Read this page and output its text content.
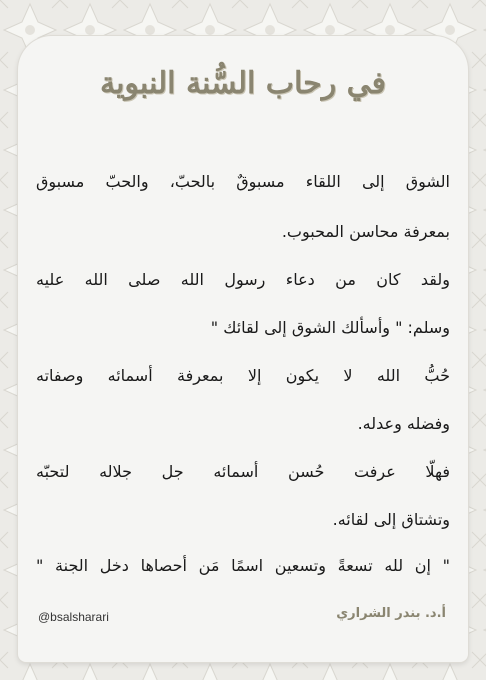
في رحاب السُّنة النبوية
الشوق إلى اللقاء مسبوقٌ بالحبّ، والحبّ مسبوق
بمعرفة محاسن المحبوب.
ولقد كان من دعاء رسول الله صلى الله عليه
وسلم: " وأسألك الشوق إلى لقائك "
حُبُّ الله لا يكون إلا بمعرفة أسمائه وصفاته
وفضله وعدله.
فهلّا عرفت حُسن أسمائه جل جلاله لتحبّه
وتشتاق إلى لقائه.
" إن لله تسعةً وتسعين اسمًا مَن أحصاها دخل الجنة "
@bsalsharari	أ.د. بندر الشراري
